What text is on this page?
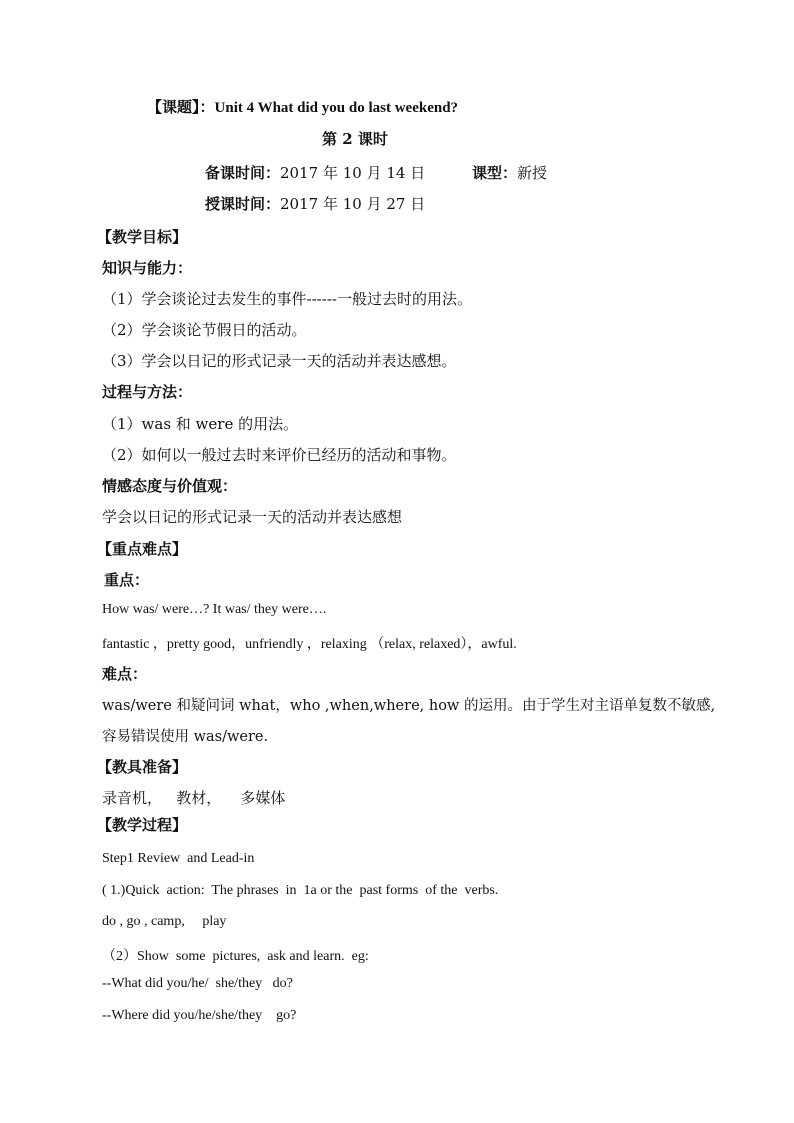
【课题】：Unit 4 What did you do last weekend?
第 2 课时
备课时间：2017 年 10 月 14 日	课型：新授
授课时间：2017 年 10 月 27 日
【教学目标】
知识与能力：
（1）学会谈论过去发生的事件------一般过去时的用法。
（2）学会谈论节假日的活动。
（3）学会以日记的形式记录一天的活动并表达感想。
过程与方法：
（1）was 和 were 的用法。
（2）如何以一般过去时来评价已经历的活动和事物。
情感态度与价值观：
学会以日记的形式记录一天的活动并表达感想
【重点难点】
重点：
How was/ were…? It was/ they were….
fantastic ，pretty good，unfriendly ，relaxing （relax, relaxed），awful.
难点：
was/were 和疑问词 what，who ,when,where, how 的运用。由于学生对主语单复数不敏感,
容易错误使用 was/were.
【教具准备】
录音机，   教材，    多媒体
【教学过程】
Step1 Review  and Lead-in
( 1.)Quick  action:  The phrases  in  1a or the  past forms  of the  verbs.
do , go , camp,     play
（2）Show  some  pictures,  ask and learn.  eg:
--What did you/he/  she/they   do?
--Where did you/he/she/they    go?
